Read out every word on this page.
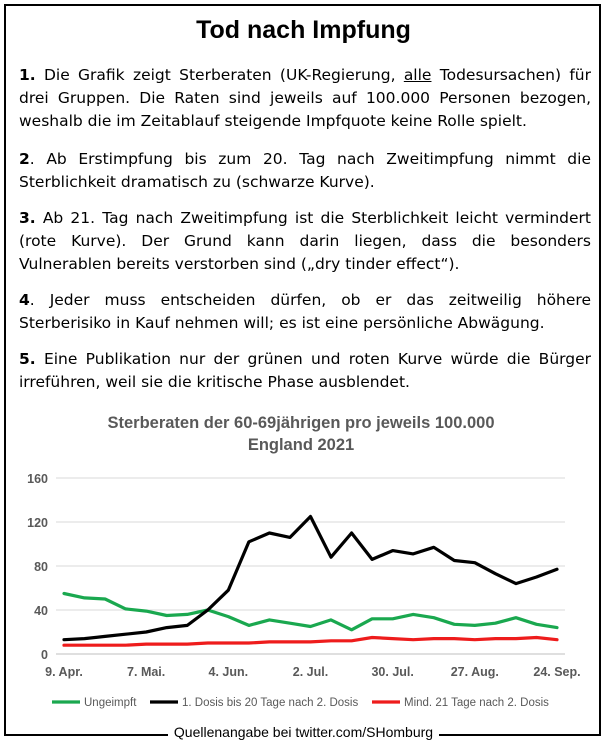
Tod nach Impfung

1. Die Grafik zeigt Sterberaten (UK-Regierung, alle Todesursachen) für drei Gruppen. Die Raten sind jeweils auf 100.000 Personen bezogen, weshalb die im Zeitablauf steigende Impfquote keine Rolle spielt.

2. Ab Erstimpfung bis zum 20. Tag nach Zweitimpfung nimmt die Sterblichkeit dramatisch zu (schwarze Kurve).

3. Ab 21. Tag nach Zweitimpfung ist die Sterblichkeit leicht vermindert (rote Kurve). Der Grund kann darin liegen, dass die besonders Vulnerablen bereits verstorben sind („dry tinder effect“).

4. Jeder muss entscheiden dürfen, ob er das zeitweilig höhere Sterberisiko in Kauf nehmen will; es ist eine persönliche Abwägung.

5. Eine Publikation nur der grünen und roten Kurve würde die Bürger irreführen, weil sie die kritische Phase ausblendet.

Sterberaten der 60-69jährigen pro jeweils 100.000
England 2021
0
40
80
120
160
9. Apr.	7. Mai.	4. Jun.	2. Jul.	30. Jul.	27. Aug.	24. Sep.
Ungeimpft	1. Dosis bis 20 Tage nach 2. Dosis	Mind. 21 Tage nach 2. Dosis
Quellenangabe bei twitter.com/SHomburg
